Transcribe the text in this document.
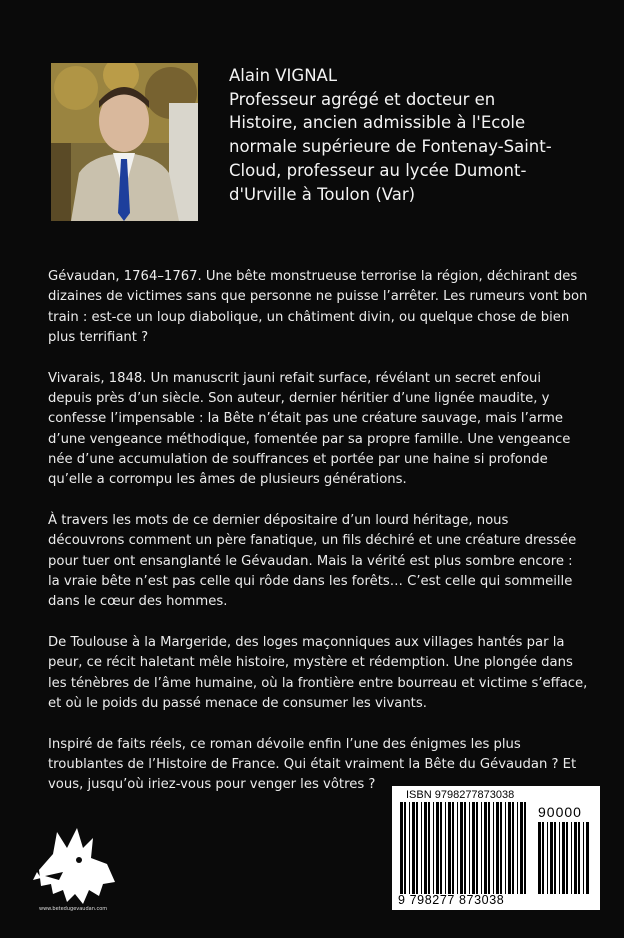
Alain VIGNAL
Professeur agrégé et docteur en
Histoire, ancien admissible à l'Ecole
normale supérieure de Fontenay-Saint-
Cloud, professeur au lycée Dumont-
d'Urville à Toulon (Var)

Gévaudan, 1764–1767. Une bête monstrueuse terrorise la région, déchirant des dizaines de victimes sans que personne ne puisse l’arrêter. Les rumeurs vont bon train : est-ce un loup diabolique, un châtiment divin, ou quelque chose de bien plus terrifiant ?

Vivarais, 1848. Un manuscrit jauni refait surface, révélant un secret enfoui depuis près d’un siècle. Son auteur, dernier héritier d’une lignée maudite, y confesse l’impensable : la Bête n’était pas une créature sauvage, mais l’arme d’une vengeance méthodique, fomentée par sa propre famille. Une vengeance née d’une accumulation de souffrances et portée par une haine si profonde qu’elle a corrompu les âmes de plusieurs générations.

À travers les mots de ce dernier dépositaire d’un lourd héritage, nous découvrons comment un père fanatique, un fils déchiré et une créature dressée pour tuer ont ensanglanté le Gévaudan. Mais la vérité est plus sombre encore : la vraie bête n’est pas celle qui rôde dans les forêts… C’est celle qui sommeille dans le cœur des hommes.

De Toulouse à la Margeride, des loges maçonniques aux villages hantés par la peur, ce récit haletant mêle histoire, mystère et rédemption. Une plongée dans les ténèbres de l’âme humaine, où la frontière entre bourreau et victime s’efface, et où le poids du passé menace de consumer les vivants.

Inspiré de faits réels, ce roman dévoile enfin l’une des énigmes les plus troublantes de l’Histoire de France. Qui était vraiment la Bête du Gévaudan ? Et vous, jusqu’où iriez-vous pour venger les vôtres ?

www.betedugevaudan.com
ISBN 9798277873038
90000
9 798277 873038
